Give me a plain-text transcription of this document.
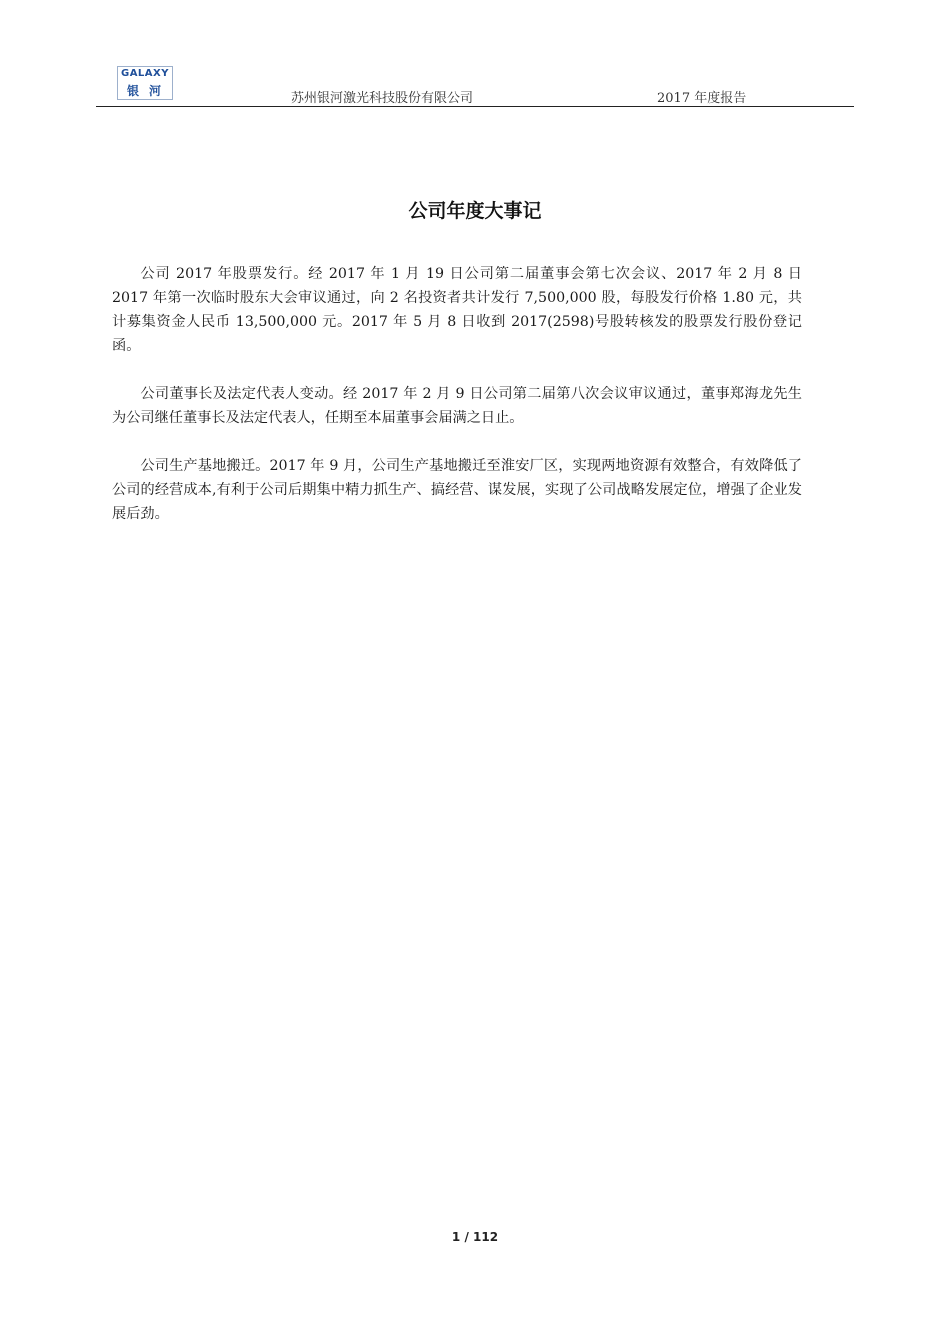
GALAXY
银河	苏州银河激光科技股份有限公司	2017 年度报告
公司年度大事记

公司 2017 年股票发行。经 2017 年 1 月 19 日公司第二届董事会第七次会议、2017 年 2 月 8 日 2017 年第一次临时股东大会审议通过，向 2 名投资者共计发行 7,500,000 股，每股发行价格 1.80 元，共计募集资金人民币 13,500,000 元。2017 年 5 月 8 日收到 2017(2598)号股转核发的股票发行股份登记函。

公司董事长及法定代表人变动。经 2017 年 2 月 9 日公司第二届第八次会议审议通过，董事郑海龙先生为公司继任董事长及法定代表人，任期至本届董事会届满之日止。

公司生产基地搬迁。2017 年 9 月，公司生产基地搬迁至淮安厂区，实现两地资源有效整合，有效降低了公司的经营成本,有利于公司后期集中精力抓生产、搞经营、谋发展，实现了公司战略发展定位，增强了企业发展后劲。

1 / 112
